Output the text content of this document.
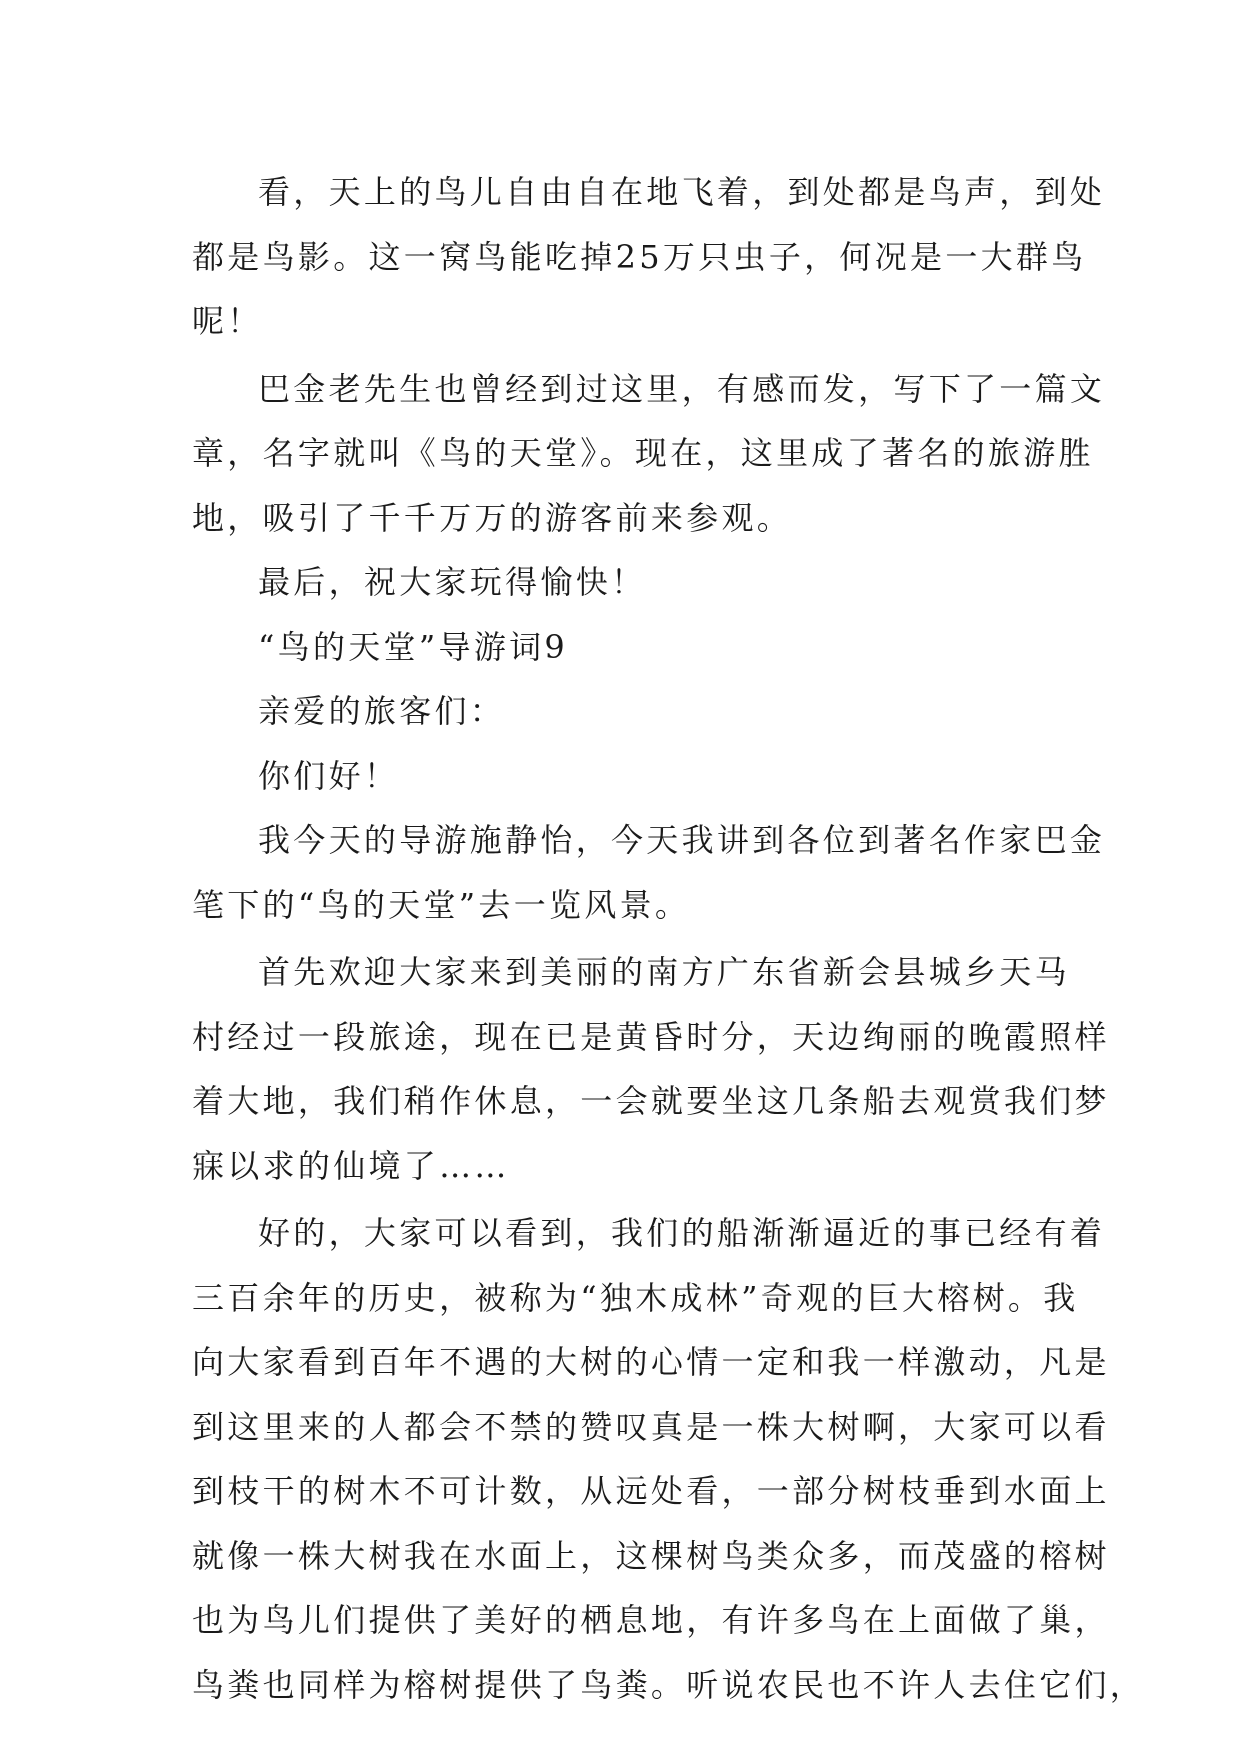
看，天上的鸟儿自由自在地飞着，到处都是鸟声，到处
都是鸟影。这一窝鸟能吃掉25万只虫子，何况是一大群鸟
呢！
巴金老先生也曾经到过这里，有感而发，写下了一篇文
章，名字就叫《鸟的天堂》。现在，这里成了著名的旅游胜
地，吸引了千千万万的游客前来参观。
最后，祝大家玩得愉快！
“鸟的天堂”导游词9
亲爱的旅客们：
你们好！
我今天的导游施静怡，今天我讲到各位到著名作家巴金
笔下的“鸟的天堂”去一览风景。
首先欢迎大家来到美丽的南方广东省新会县城乡天马
村经过一段旅途，现在已是黄昏时分，天边绚丽的晚霞照样
着大地，我们稍作休息，一会就要坐这几条船去观赏我们梦
寐以求的仙境了……
好的，大家可以看到，我们的船渐渐逼近的事已经有着
三百余年的历史，被称为“独木成林”奇观的巨大榕树。我
向大家看到百年不遇的大树的心情一定和我一样激动，凡是
到这里来的人都会不禁的赞叹真是一株大树啊，大家可以看
到枝干的树木不可计数，从远处看，一部分树枝垂到水面上
就像一株大树我在水面上，这棵树鸟类众多，而茂盛的榕树
也为鸟儿们提供了美好的栖息地，有许多鸟在上面做了巢，
鸟粪也同样为榕树提供了鸟粪。听说农民也不许人去住它们，
